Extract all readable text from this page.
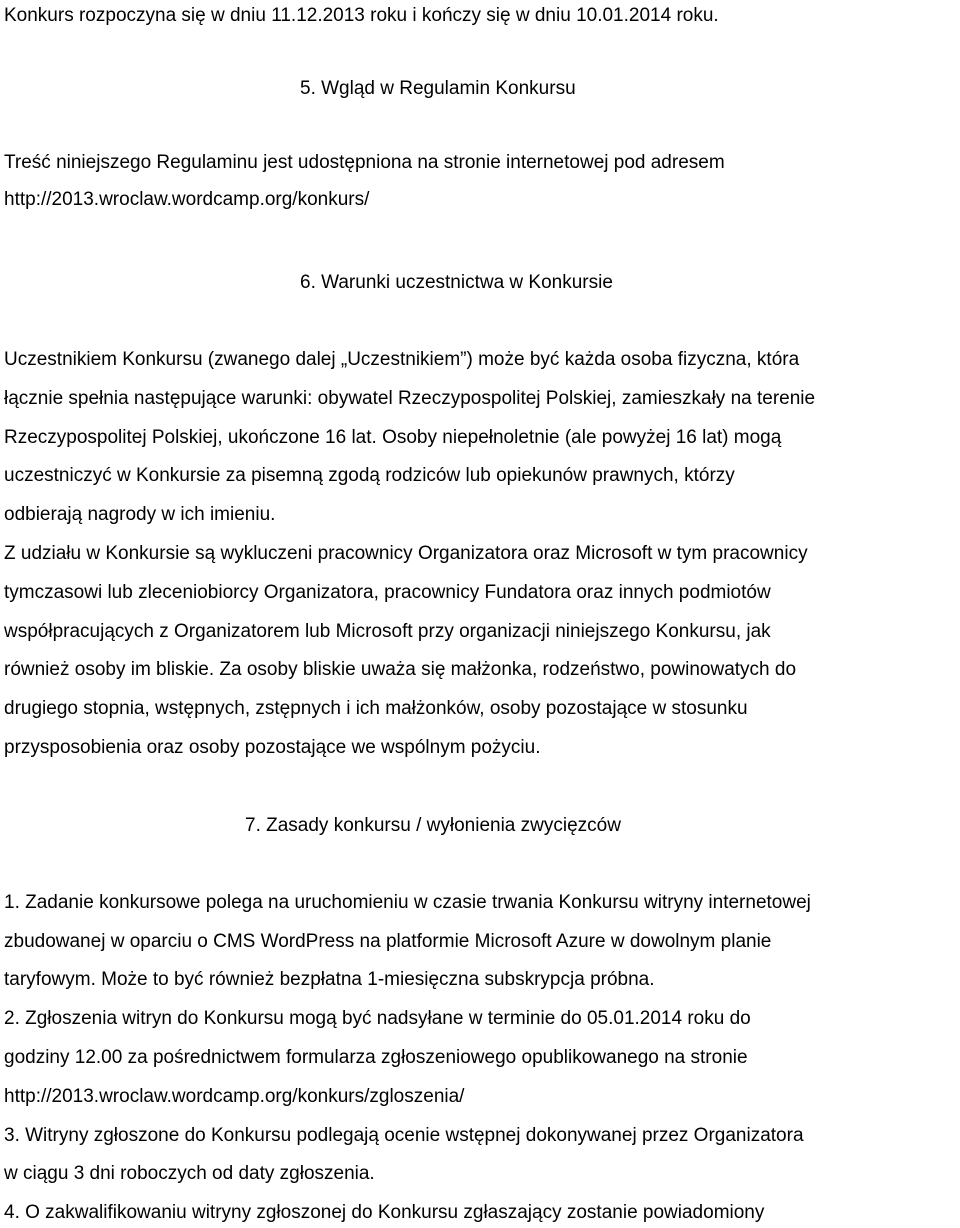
Konkurs rozpoczyna się w dniu 11.12.2013 roku i kończy się w dniu 10.01.2014 roku.
5. Wgląd w Regulamin Konkursu
Treść niniejszego Regulaminu jest udostępniona na stronie internetowej pod adresem
http://2013.wroclaw.wordcamp.org/konkurs/
6. Warunki uczestnictwa w Konkursie
Uczestnikiem Konkursu (zwanego dalej „Uczestnikiem”) może być każda osoba fizyczna, która
łącznie spełnia następujące warunki: obywatel Rzeczypospolitej Polskiej, zamieszkały na terenie
Rzeczypospolitej Polskiej, ukończone 16 lat. Osoby niepełnoletnie (ale powyżej 16 lat) mogą
uczestniczyć w Konkursie za pisemną zgodą rodziców lub opiekunów prawnych, którzy
odbierają nagrody w ich imieniu.
Z udziału w Konkursie są wykluczeni pracownicy Organizatora oraz Microsoft w tym pracownicy
tymczasowi lub zleceniobiorcy Organizatora, pracownicy Fundatora oraz innych podmiotów
współpracujących z Organizatorem lub Microsoft przy organizacji niniejszego Konkursu, jak
również osoby im bliskie. Za osoby bliskie uważa się małżonka, rodzeństwo, powinowatych do
drugiego stopnia, wstępnych, zstępnych i ich małżonków, osoby pozostające w stosunku
przysposobienia oraz osoby pozostające we wspólnym pożyciu.
7. Zasady konkursu / wyłonienia zwycięzców
1. Zadanie konkursowe polega na uruchomieniu w czasie trwania Konkursu witryny internetowej
zbudowanej w oparciu o CMS WordPress na platformie Microsoft Azure w dowolnym planie
taryfowym. Może to być również bezpłatna 1-miesięczna subskrypcja próbna.
2. Zgłoszenia witryn do Konkursu mogą być nadsyłane w terminie do 05.01.2014 roku do
godziny 12.00 za pośrednictwem formularza zgłoszeniowego opublikowanego na stronie
http://2013.wroclaw.wordcamp.org/konkurs/zgloszenia/
3. Witryny zgłoszone do Konkursu podlegają ocenie wstępnej dokonywanej przez Organizatora
w ciągu 3 dni roboczych od daty zgłoszenia.
4. O zakwalifikowaniu witryny zgłoszonej do Konkursu zgłaszający zostanie powiadomiony
